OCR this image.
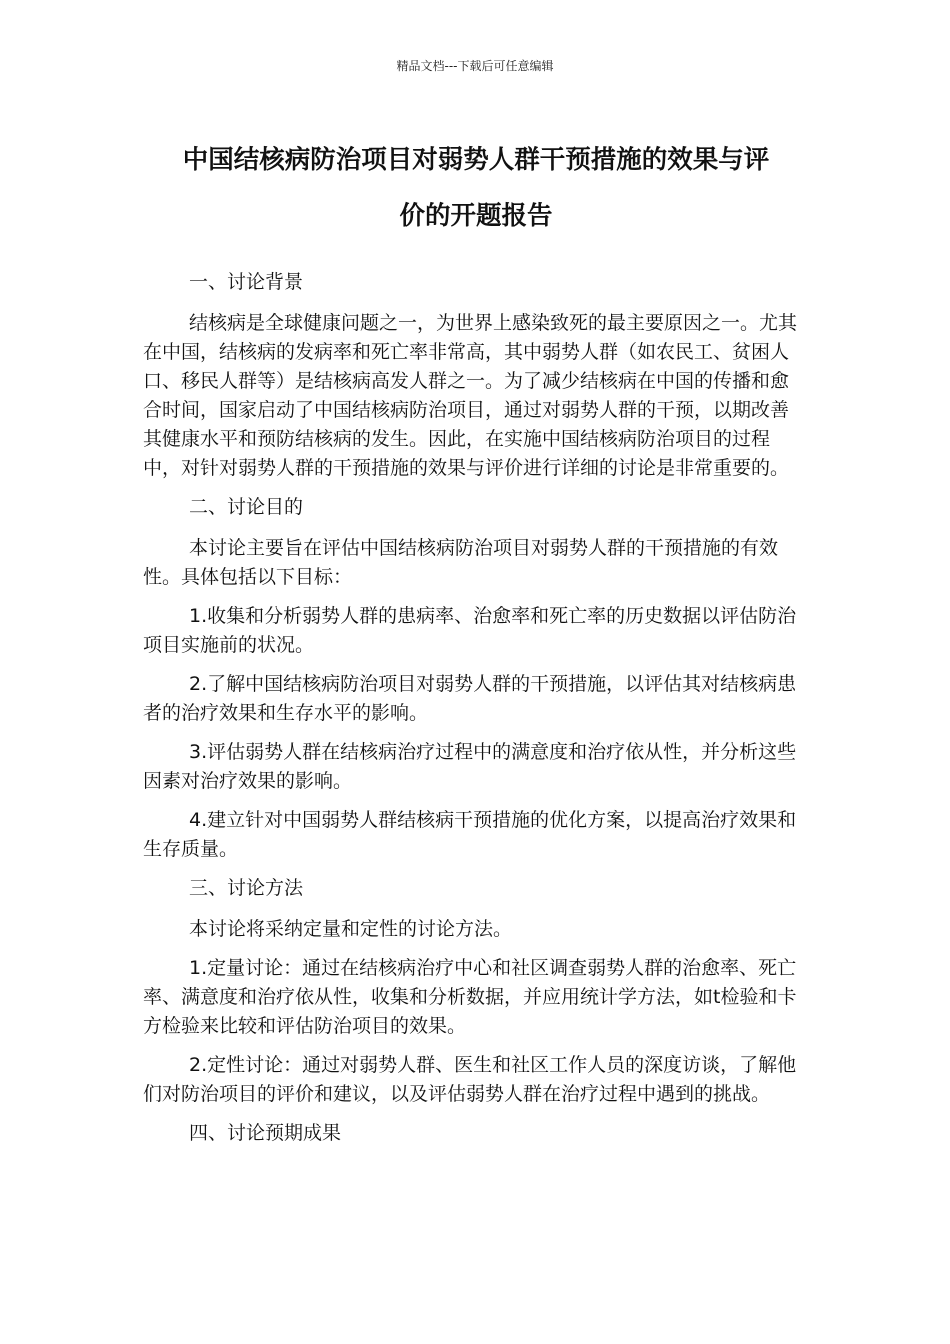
精品文档---下载后可任意编辑
中国结核病防治项目对弱势人群干预措施的效果与评
价的开题报告

一、讨论背景

结核病是全球健康问题之一，为世界上感染致死的最主要原因之一。尤其在中国，结核病的发病率和死亡率非常高，其中弱势人群（如农民工、贫困人口、移民人群等）是结核病高发人群之一。为了减少结核病在中国的传播和愈合时间，国家启动了中国结核病防治项目，通过对弱势人群的干预，以期改善其健康水平和预防结核病的发生。因此，在实施中国结核病防治项目的过程中，对针对弱势人群的干预措施的效果与评价进行详细的讨论是非常重要的。

二、讨论目的

本讨论主要旨在评估中国结核病防治项目对弱势人群的干预措施的有效性。具体包括以下目标：

1.收集和分析弱势人群的患病率、治愈率和死亡率的历史数据以评估防治项目实施前的状况。

2.了解中国结核病防治项目对弱势人群的干预措施，以评估其对结核病患者的治疗效果和生存水平的影响。

3.评估弱势人群在结核病治疗过程中的满意度和治疗依从性，并分析这些因素对治疗效果的影响。

4.建立针对中国弱势人群结核病干预措施的优化方案，以提高治疗效果和生存质量。

三、讨论方法

本讨论将采纳定量和定性的讨论方法。

1.定量讨论：通过在结核病治疗中心和社区调查弱势人群的治愈率、死亡率、满意度和治疗依从性，收集和分析数据，并应用统计学方法，如t检验和卡方检验来比较和评估防治项目的效果。

2.定性讨论：通过对弱势人群、医生和社区工作人员的深度访谈，了解他们对防治项目的评价和建议，以及评估弱势人群在治疗过程中遇到的挑战。

四、讨论预期成果
